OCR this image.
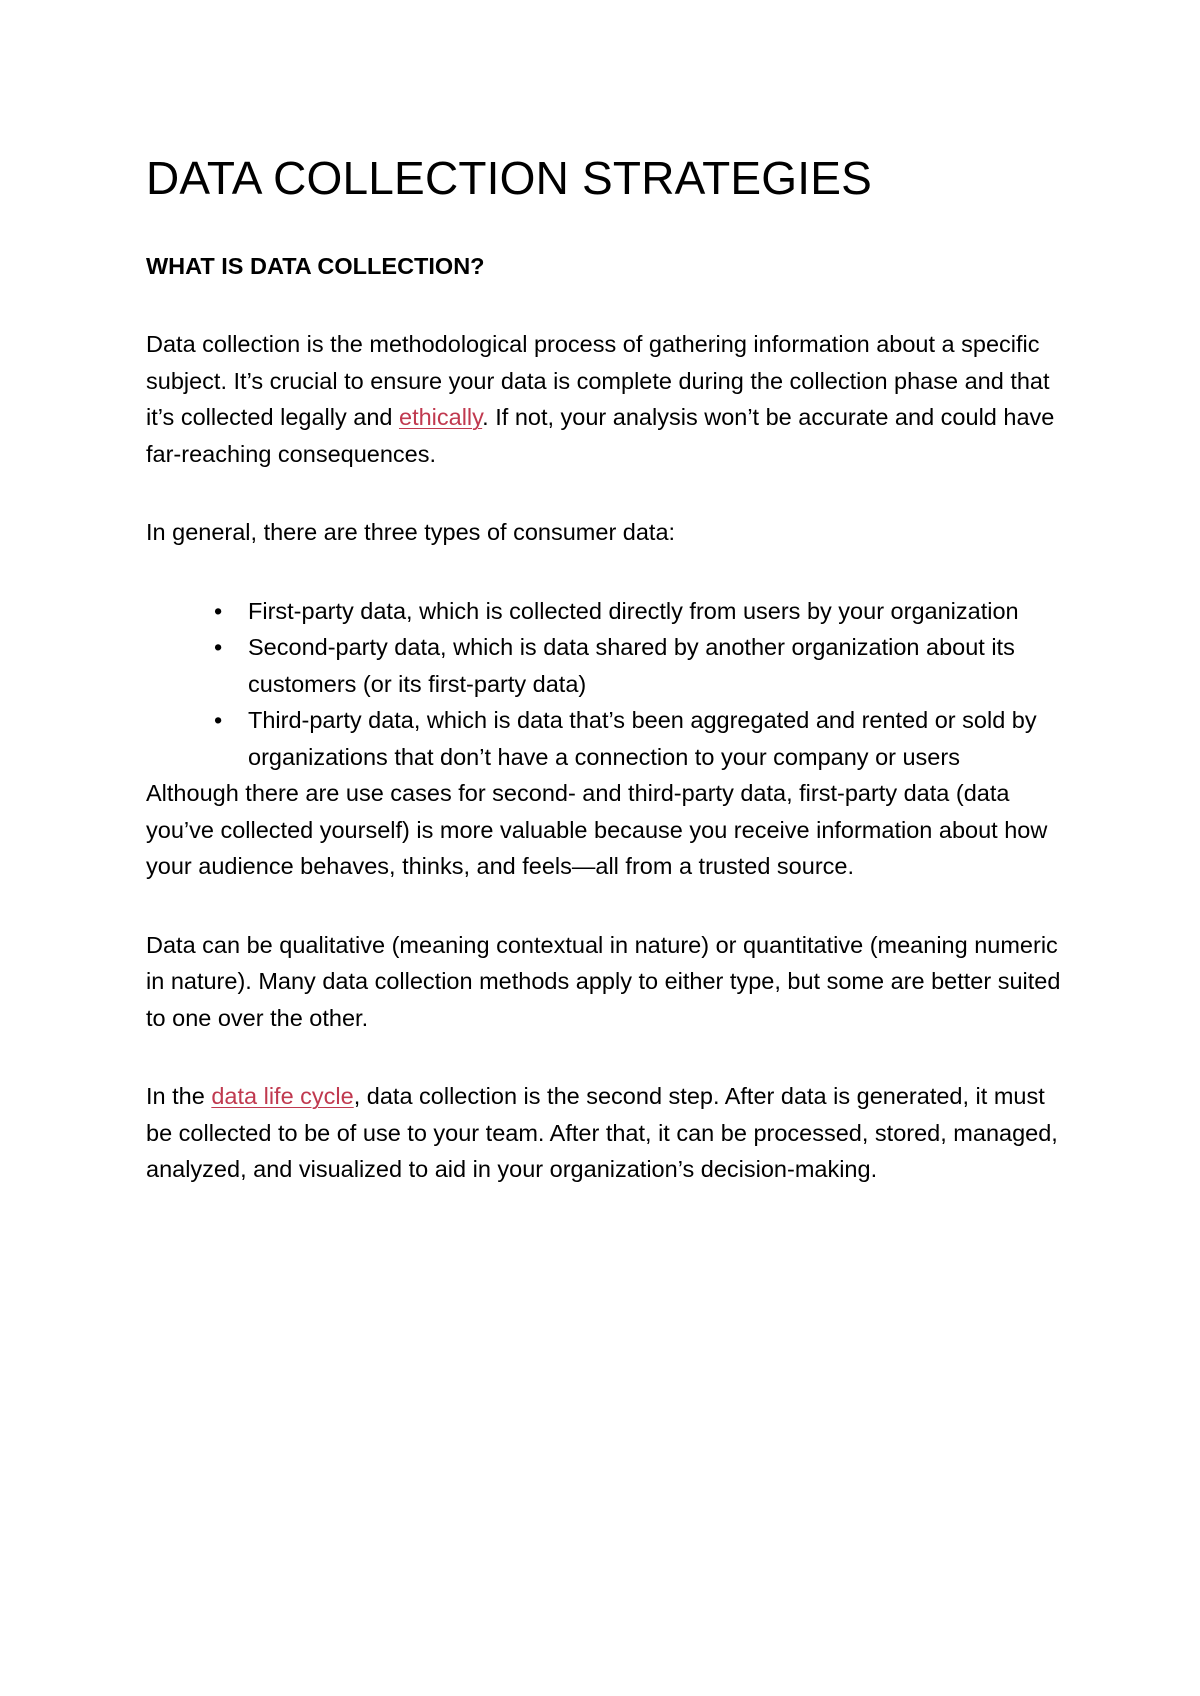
DATA COLLECTION STRATEGIES
WHAT IS DATA COLLECTION?

Data collection is the methodological process of gathering information about a specific subject. It’s crucial to ensure your data is complete during the collection phase and that it’s collected legally and ethically. If not, your analysis won’t be accurate and could have far-reaching consequences.

In general, there are three types of consumer data:

• First-party data, which is collected directly from users by your organization
• Second-party data, which is data shared by another organization about its customers (or its first-party data)
• Third-party data, which is data that’s been aggregated and rented or sold by organizations that don’t have a connection to your company or users

Although there are use cases for second- and third-party data, first-party data (data you’ve collected yourself) is more valuable because you receive information about how your audience behaves, thinks, and feels—all from a trusted source.

Data can be qualitative (meaning contextual in nature) or quantitative (meaning numeric in nature). Many data collection methods apply to either type, but some are better suited to one over the other.

In the data life cycle, data collection is the second step. After data is generated, it must be collected to be of use to your team. After that, it can be processed, stored, managed, analyzed, and visualized to aid in your organization’s decision-making.
